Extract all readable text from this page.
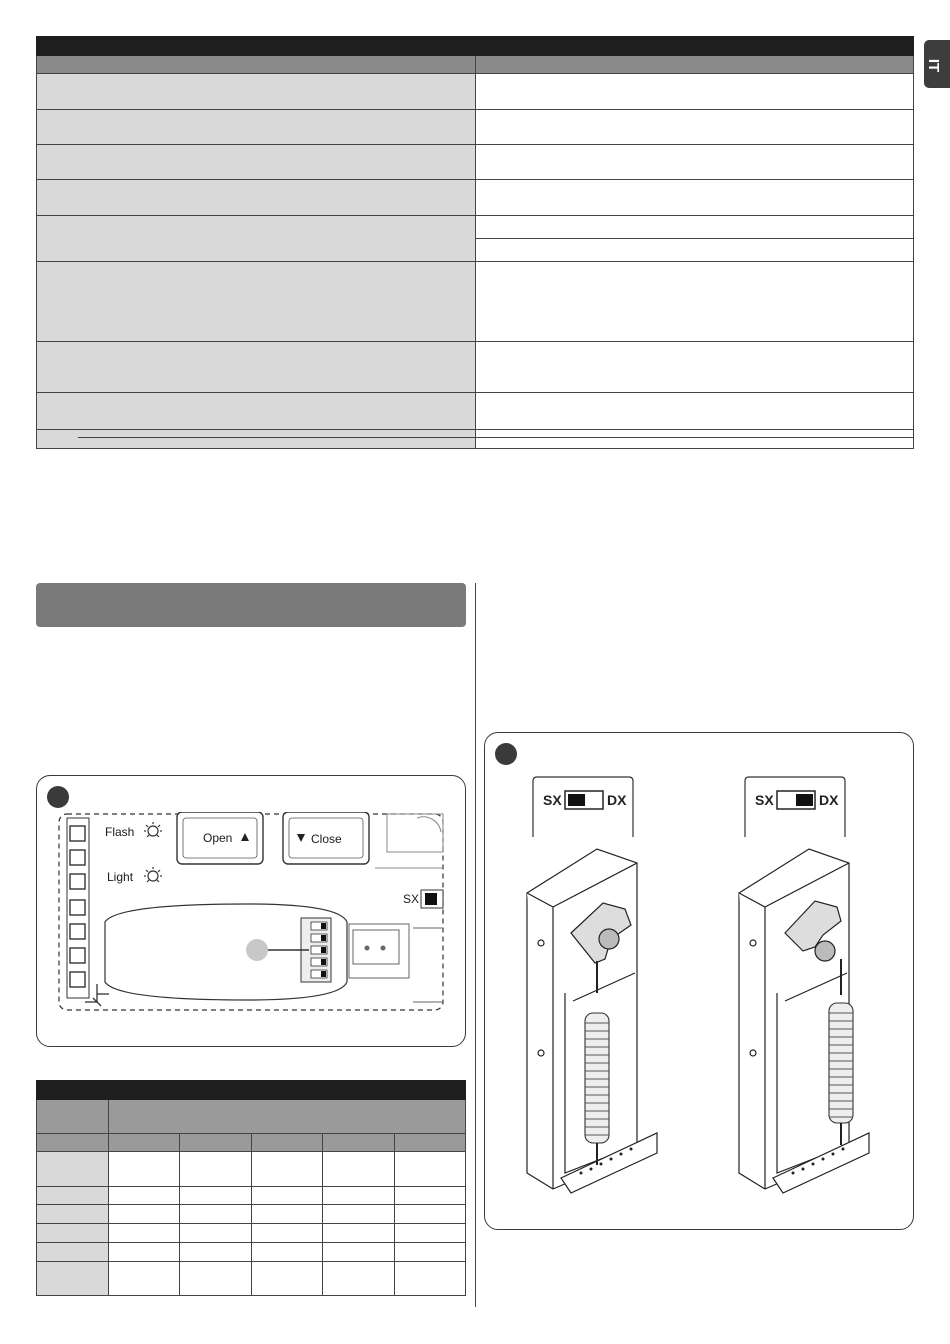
IT

Flash
Light
Open	Close
SX

SX	DX	SX	DX
